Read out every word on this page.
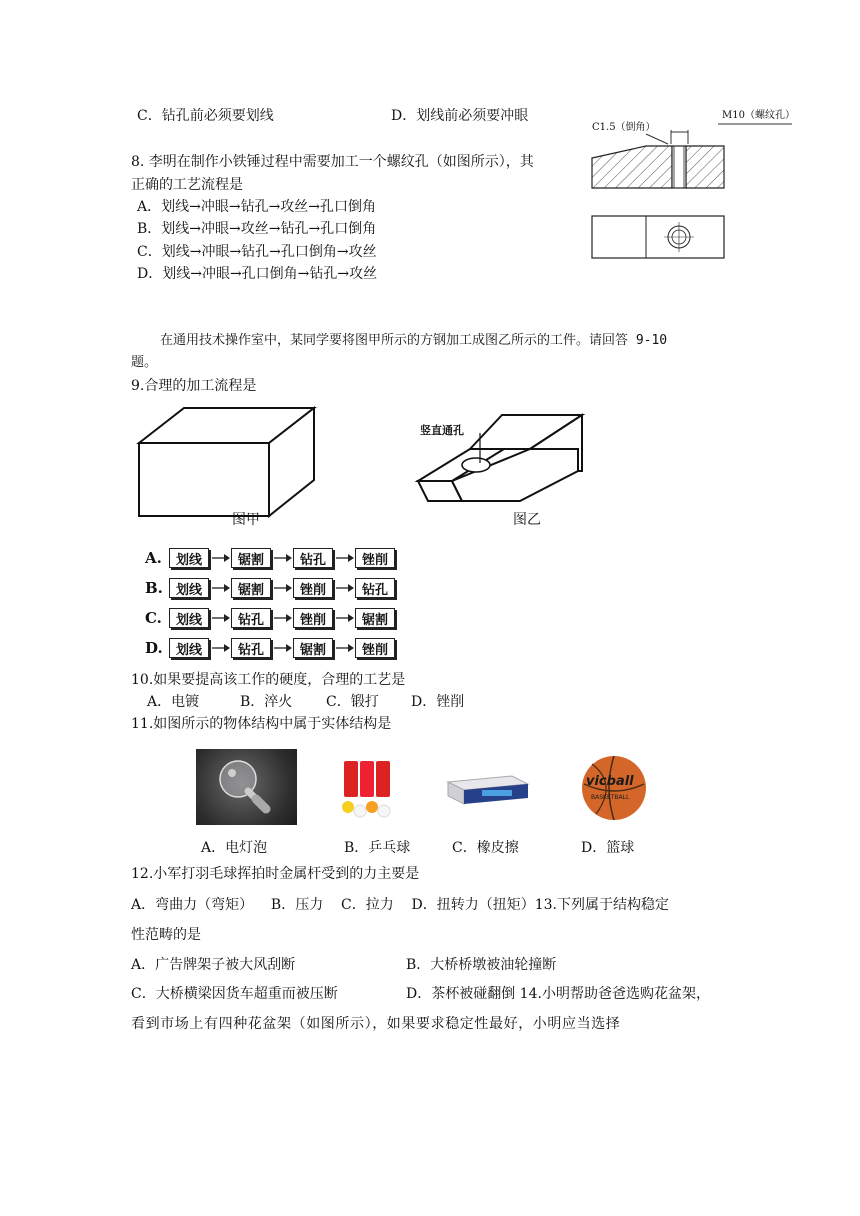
C．钻孔前必须要划线	D．划线前必须要冲眼
8. 李明在制作小铁锤过程中需要加工一个螺纹孔（如图所示），其
正确的工艺流程是
A．划线→冲眼→钻孔→攻丝→孔口倒角
B．划线→冲眼→攻丝→钻孔→孔口倒角
C．划线→冲眼→钻孔→孔口倒角→攻丝
D．划线→冲眼→孔口倒角→钻孔→攻丝
C1.5（倒角）
M10（螺纹孔）
在通用技术操作室中，某同学要将图甲所示的方钢加工成图乙所示的工件。请回答 9-10
题。
9.合理的加工流程是
图甲
竖直通孔
图乙
A.	划线	锯割	钻孔	锉削
B.	划线	锯割	锉削	钻孔
C.	划线	钻孔	锉削	锯割
D.	划线	钻孔	锯割	锉削
10.如果要提高该工作的硬度，合理的工艺是
A．电镀	B．淬火 C．锻打 D．锉削
11.如图所示的物体结构中属于实体结构是
vicball
BASKETBALL
A．电灯泡	B．乒乓球	C．橡皮擦	D．篮球
12.小军打羽毛球挥拍时金属杆受到的力主要是
A．弯曲力（弯矩）    B．压力    C．拉力    D．扭转力（扭矩）13.下列属于结构稳定
性范畴的是
A．广告牌架子被大风刮断	B．大桥桥墩被油轮撞断
C．大桥横梁因货车超重而被压断	D．茶杯被碰翻倒 14.小明帮助爸爸选购花盆架，
看到市场上有四种花盆架（如图所示），如果要求稳定性最好，小明应当选择
